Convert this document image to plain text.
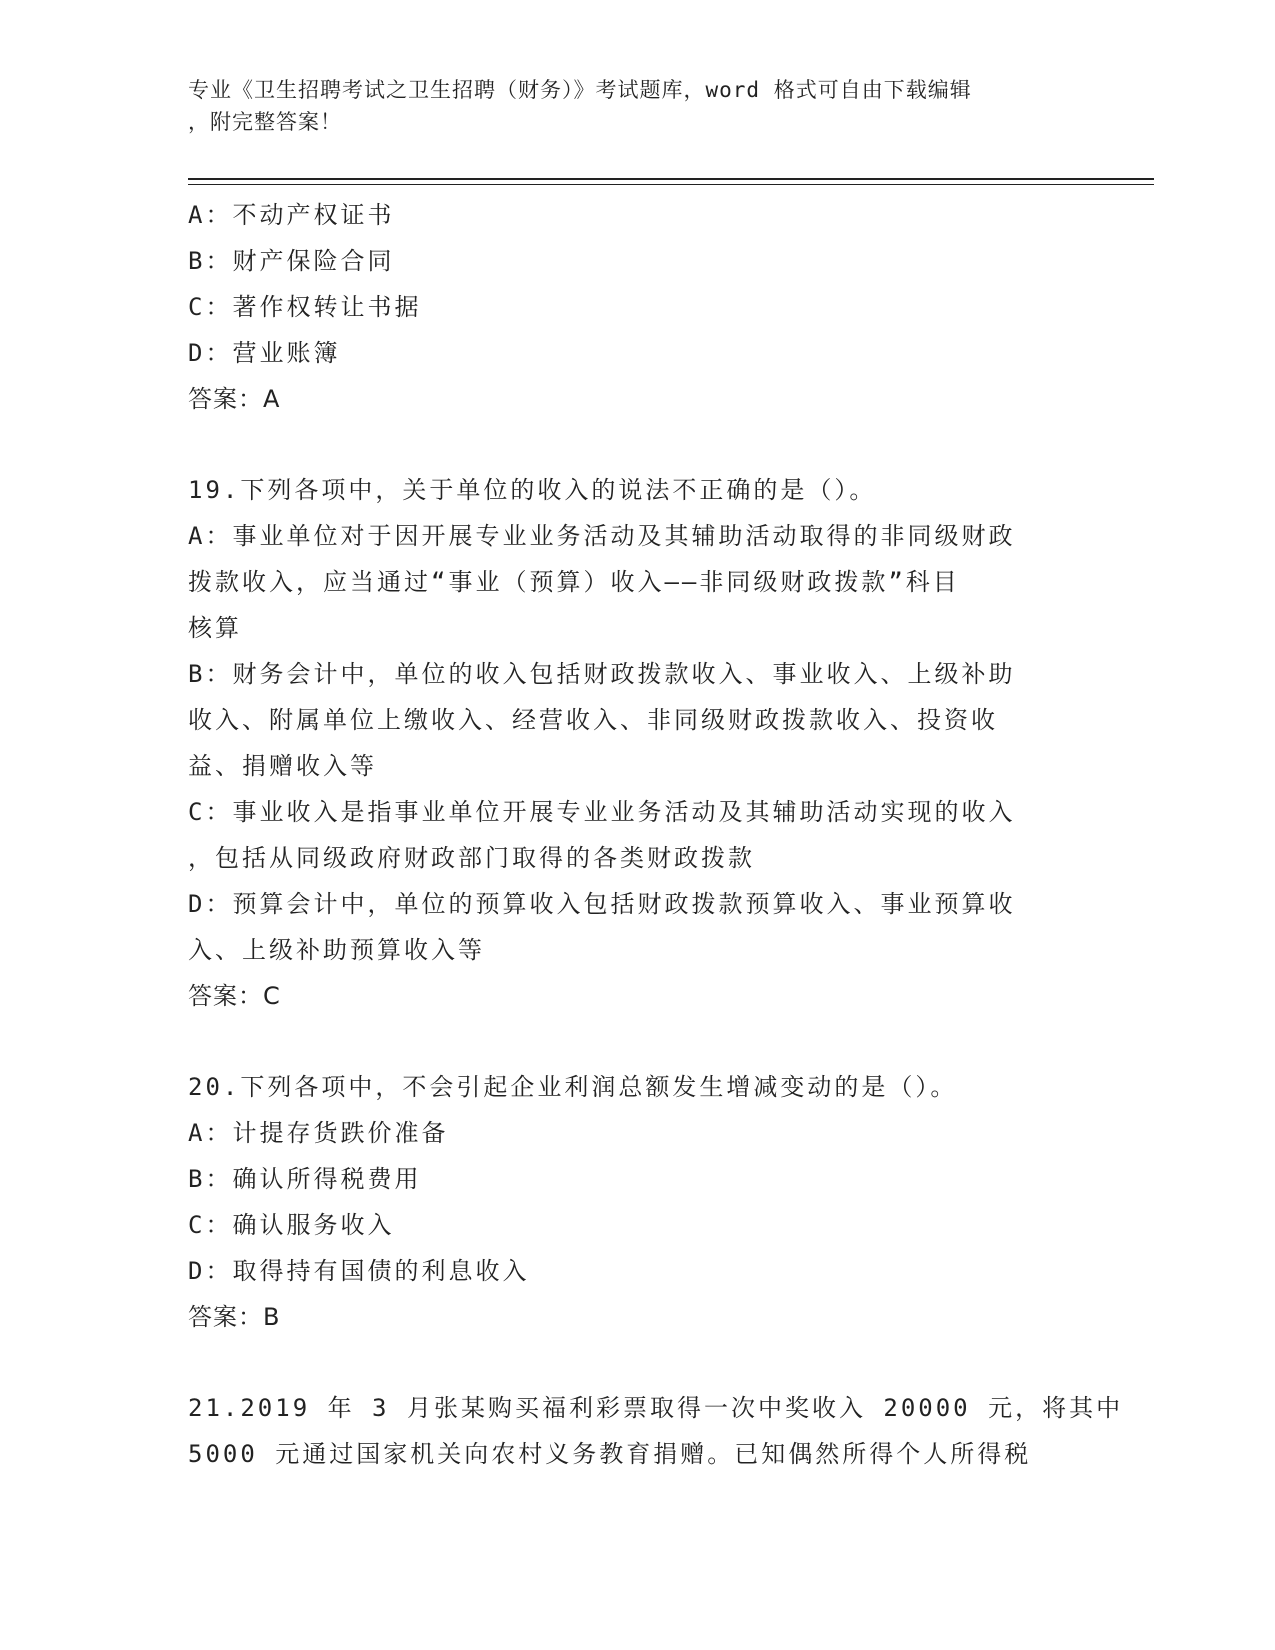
专业《卫生招聘考试之卫生招聘（财务）》考试题库，word 格式可自由下载编辑
，附完整答案！
A：不动产权证书
B：财产保险合同
C：著作权转让书据
D：营业账簿
答案：A
19.下列各项中，关于单位的收入的说法不正确的是（）。
A：事业单位对于因开展专业业务活动及其辅助活动取得的非同级财政
拨款收入，应当通过“事业（预算）收入——非同级财政拨款”科目
核算
B：财务会计中，单位的收入包括财政拨款收入、事业收入、上级补助
收入、附属单位上缴收入、经营收入、非同级财政拨款收入、投资收
益、捐赠收入等
C：事业收入是指事业单位开展专业业务活动及其辅助活动实现的收入
，包括从同级政府财政部门取得的各类财政拨款
D：预算会计中，单位的预算收入包括财政拨款预算收入、事业预算收
入、上级补助预算收入等
答案：C
20.下列各项中，不会引起企业利润总额发生增减变动的是（）。
A：计提存货跌价准备
B：确认所得税费用
C：确认服务收入
D：取得持有国债的利息收入
答案：B
21.2019 年 3 月张某购买福利彩票取得一次中奖收入 20000 元，将其中
5000 元通过国家机关向农村义务教育捐赠。已知偶然所得个人所得税
